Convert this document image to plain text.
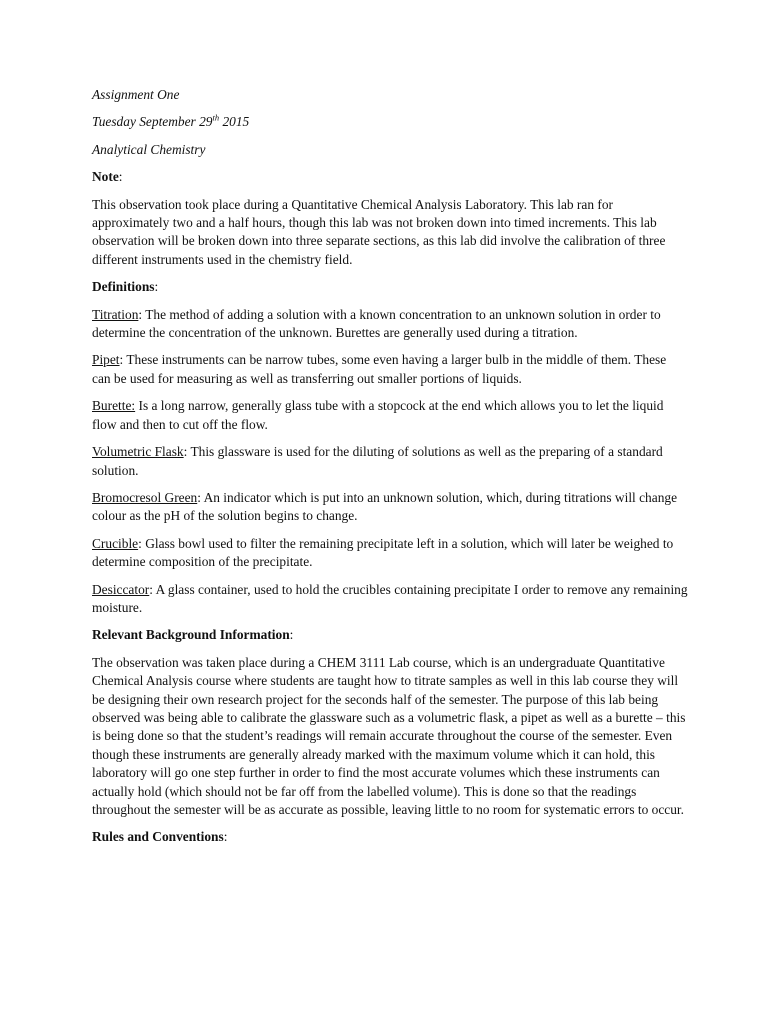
Assignment One
Tuesday September 29th 2015
Analytical Chemistry
Note:

This observation took place during a Quantitative Chemical Analysis Laboratory. This lab ran for approximately two and a half hours, though this lab was not broken down into timed increments. This lab observation will be broken down into three separate sections, as this lab did involve the calibration of three different instruments used in the chemistry field.

Definitions:

Titration: The method of adding a solution with a known concentration to an unknown solution in order to determine the concentration of the unknown. Burettes are generally used during a titration.

Pipet: These instruments can be narrow tubes, some even having a larger bulb in the middle of them. These can be used for measuring as well as transferring out smaller portions of liquids.

Burette: Is a long narrow, generally glass tube with a stopcock at the end which allows you to let the liquid flow and then to cut off the flow.

Volumetric Flask: This glassware is used for the diluting of solutions as well as the preparing of a standard solution.

Bromocresol Green: An indicator which is put into an unknown solution, which, during titrations will change colour as the pH of the solution begins to change.

Crucible: Glass bowl used to filter the remaining precipitate left in a solution, which will later be weighed to determine composition of the precipitate.

Desiccator: A glass container, used to hold the crucibles containing precipitate I order to remove any remaining moisture.

Relevant Background Information:

The observation was taken place during a CHEM 3111 Lab course, which is an undergraduate Quantitative Chemical Analysis course where students are taught how to titrate samples as well in this lab course they will be designing their own research project for the seconds half of the semester. The purpose of this lab being observed was being able to calibrate the glassware such as a volumetric flask, a pipet as well as a burette – this is being done so that the student’s readings will remain accurate throughout the course of the semester. Even though these instruments are generally already marked with the maximum volume which it can hold, this laboratory will go one step further in order to find the most accurate volumes which these instruments can actually hold (which should not be far off from the labelled volume). This is done so that the readings throughout the semester will be as accurate as possible, leaving little to no room for systematic errors to occur.

Rules and Conventions:
